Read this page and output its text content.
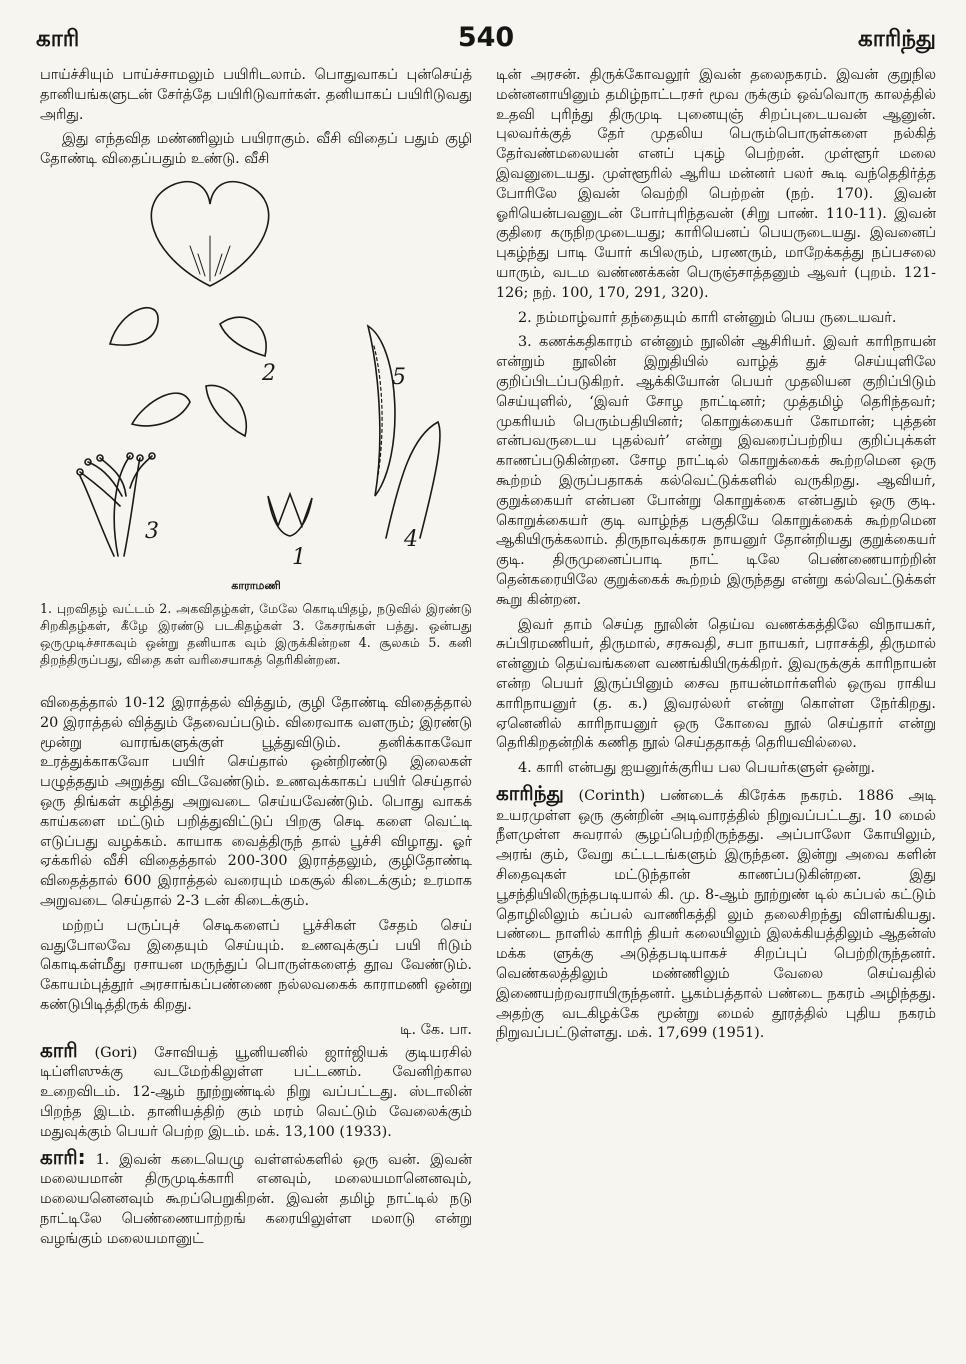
காரி	540	காரிந்து

பாய்ச்சியும் பாய்ச்சாமலும் பயிரிடலாம். பொதுவாகப் புன்செய்த் தானியங்களுடன் சேர்த்தே பயிரிடுவார்கள். தனியாகப் பயிரிடுவது அரிது.

இது எந்தவித மண்ணிலும் பயிராகும். வீசி விதைப் பதும் குழி தோண்டி விதைப்பதும் உண்டு. வீசி

2	5
3
1
4
காராமணி

1. புறவிதழ் வட்டம் 2. அகவிதழ்கள், மேலே கொடியிதழ், நடுவில் இரண்டு சிறகிதழ்கள், கீழே இரண்டு படகிதழ்கள் 3. கேசரங்கள் பத்து. ஒன்பது ஒருமுடிச்சாகவும் ஒன்று தனியாக வும் இருக்கின்றன 4. சூலகம் 5. கனி திறந்திருப்பது, விதை கள் வரிசையாகத் தெரிகின்றன.

விதைத்தால் 10-12 இராத்தல் வித்தும், குழி தோண்டி விதைத்தால் 20 இராத்தல் வித்தும் தேவைப்படும். விரைவாக வளரும்; இரண்டு மூன்று வாரங்களுக்குள் பூத்துவிடும். தனிக்காகவோ உரத்துக்காகவோ பயிர் செய்தால் ஒன்றிரண்டு இலைகள் பழுத்ததும் அறுத்து விடவேண்டும். உணவுக்காகப் பயிர் செய்தால் ஒரு திங்கள் கழித்து அறுவடை செய்யவேண்டும். பொது வாகக் காய்களை மட்டும் பறித்துவிட்டுப் பிறகு செடி களை வெட்டி எடுப்பது வழக்கம். காயாக வைத்திருந் தால் பூச்சி விழாது. ஓர் ஏக்கரில் வீசி விதைத்தால் 200-300 இராத்தலும், குழிதோண்டி விதைத்தால் 600 இராத்தல் வரையும் மகசூல் கிடைக்கும்; உரமாக அறுவடை செய்தால் 2-3 டன் கிடைக்கும்.

மற்றப் பருப்புச் செடிகளைப் பூச்சிகள் சேதம் செய் வதுபோலவே இதையும் செய்யும். உணவுக்குப் பயி ரிடும் கொடிகள்மீது ரசாயன மருந்துப் பொருள்களைத் தூவ வேண்டும். கோயம்புத்தூர் அரசாங்கப்பண்ணை நல்லவகைக் காராமணி ஒன்று கண்டுபிடித்திருக் கிறது.

டி. கே. பா.

காரி (Gori) சோவியத் யூனியனில் ஜார்ஜியக் குடியரசில் டிப்ளிஸுக்கு வடமேற்கிலுள்ள பட்டணம். வேனிற்கால உறைவிடம். 12-ஆம் நூற்றுண்டில் நிறு வப்பட்டது. ஸ்டாலின் பிறந்த இடம். தானியத்திற் கும் மரம் வெட்டும் வேலைக்கும் மதுவுக்கும் பெயர் பெற்ற இடம். மக். 13,100 (1933).

காரி: 1. இவன் கடையெழு வள்ளல்களில் ஒரு வன். இவன் மலையமான் திருமுடிக்காரி எனவும், மலையமானெனவும், மலையனெனவும் கூறப்பெறுகிறன். இவன் தமிழ் நாட்டில் நடு நாட்டிலே பெண்ணையாற்றங் கரையிலுள்ள மலாடு என்று வழங்கும் மலையமானுட்

டின் அரசன். திருக்கோவலூர் இவன் தலைநகரம். இவன் குறுநில மன்னனாயினும் தமிழ்நாட்டரசர் மூவ ருக்கும் ஒவ்வொரு காலத்தில் உதவி புரிந்து திருமுடி புனையுஞ் சிறப்புடையவன் ஆனுன். புலவர்க்குத் தேர் முதலிய பெரும்பொருள்களை நல்கித் தேர்வண்மலையன் எனப் புகழ் பெற்றன். முள்ளூர் மலை இவனுடையது. முள்ளூரில் ஆரிய மன்னர் பலர் கூடி வந்தெதிர்த்த போரிலே இவன் வெற்றி பெற்றன் (நற். 170). இவன் ஓரியென்பவனுடன் போர்புரிந்தவன் (சிறு பாண். 110-11). இவன் குதிரை கருநிறமுடையது; காரியெனப் பெயருடையது. இவனைப் புகழ்ந்து பாடி யோர் கபிலரும், பரணரும், மாறேக்கத்து நப்பசலை யாரும், வடம வண்ணக்கன் பெருஞ்சாத்தனும் ஆவர் (புறம். 121-126; நற். 100, 170, 291, 320).

2. நம்மாழ்வார் தந்தையும் காரி என்னும் பெய ருடையவர்.

3. கணக்கதிகாரம் என்னும் நூலின் ஆசிரியர். இவர் காரிநாயன் என்றும் நூலின் இறுதியில் வாழ்த் துச் செய்யுளிலே குறிப்பிடப்படுகிறர். ஆக்கியோன் பெயர் முதலியன குறிப்பிடும் செய்யுளில், ‘இவர் சோழ நாட்டினர்; முத்தமிழ் தெரிந்தவர்; முகரியம் பெரும்பதியினர்; கொறுக்கையர் கோமான்; புத்தன் என்பவருடைய புதல்வர்’ என்று இவரைப்பற்றிய குறிப்புக்கள் காணப்படுகின்றன. சோழ நாட்டில் கொறுக்கைக் கூற்றமென ஒரு கூற்றம் இருப்பதாகக் கல்வெட்டுக்களில் வருகிறது. ஆவியர், குறுக்கையர் என்பன போன்று கொறுக்கை என்பதும் ஒரு குடி. கொறுக்கையர் குடி வாழ்ந்த பகுதியே கொறுக்கைக் கூற்றமென ஆகியிருக்கலாம். திருநாவுக்கரசு நாயனுர் தோன்றியது குறுக்கையர் குடி. திருமுனைப்பாடி நாட் டிலே பெண்ணையாற்றின் தென்கரையிலே குறுக்கைக் கூற்றம் இருந்தது என்று கல்வெட்டுக்கள் கூறு கின்றன.

இவர் தாம் செய்த நூலின் தெய்வ வணக்கத்திலே விநாயகர், சுப்பிரமணியர், திருமால், சரசுவதி, சபா நாயகர், பராசக்தி, திருமால் என்னும் தெய்வங்களை வணங்கியிருக்கிறர். இவருக்குக் காரிநாயன் என்ற பெயர் இருப்பினும் சைவ நாயன்மார்களில் ஒருவ ராகிய காரிநாயனுர் (த. க.) இவரல்லர் என்று கொள்ள நேர்கிறது. ஏனெனில் காரிநாயனுர் ஒரு கோவை நூல் செய்தார் என்று தெரிகிறதன்றிக் கணித நூல் செய்ததாகத் தெரியவில்லை.

4. காரி என்பது ஐயனுர்க்குரிய பல பெயர்களுள் ஒன்று.

காரிந்து (Corinth) பண்டைக் கிரேக்க நகரம். 1886 அடி உயரமுள்ள ஒரு குன்றின் அடிவாரத்தில் நிறுவப்பட்டது. 10 மைல் நீளமுள்ள சுவரால் சூழப்பெற்றிருந்தது. அப்பாலோ கோயிலும், அரங் கும், வேறு கட்டடங்களும் இருந்தன. இன்று அவை களின் சிதைவுகள் மட்டுந்தான் காணப்படுகின்றன. இது பூசந்தியிலிருந்தபடியால் கி. மு. 8-ஆம் நூற்றுண் டில் கப்பல் கட்டும் தொழிலிலும் கப்பல் வாணிகத்தி லும் தலைசிறந்து விளங்கியது. பண்டை நாளில் காரிந் தியர் கலையிலும் இலக்கியத்திலும் ஆதன்ஸ் மக்க ளுக்கு அடுத்தபடியாகச் சிறப்புப் பெற்றிருந்தனர். வெண்கலத்திலும் மண்ணிலும் வேலை செய்வதில் இணையற்றவராயிருந்தனர். பூகம்பத்தால் பண்டை நகரம் அழிந்தது. அதற்கு வடகிழக்கே மூன்று மைல் தூரத்தில் புதிய நகரம் நிறுவப்பட்டுள்ளது. மக். 17,699 (1951).
